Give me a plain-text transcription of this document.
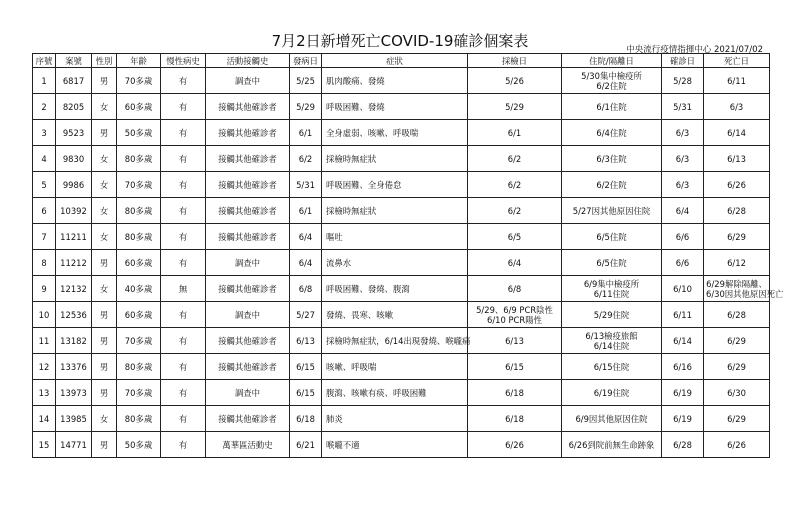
7月2日新增死亡COVID-19確診個案表	中央流行疫情指揮中心 2021/07/02
序號	案號	性別	年齡	慢性病史	活動接觸史	發病日	症狀	採檢日	住院/隔離日	確診日	死亡日
1	6817	男	70多歲	有	調查中	5/25	肌肉酸痛、發燒	5/26	5/30集中檢疫所
6/2住院	5/28	6/11

2	8205	女	60多歲	有	接觸其他確診者	5/29	呼吸困難、發燒	5/29	6/1住院	5/31	6/3

3	9523	男	50多歲	有	接觸其他確診者	6/1	全身虛弱、咳嗽、呼吸喘	6/1	6/4住院	6/3	6/14

4	9830	女	80多歲	有	接觸其他確診者	6/2	採檢時無症狀	6/2	6/3住院	6/3	6/13

5	9986	女	70多歲	有	接觸其他確診者	5/31	呼吸困難、全身倦怠	6/2	6/2住院	6/3	6/26

6	10392	女	80多歲	有	接觸其他確診者	6/1	採檢時無症狀	6/2	5/27因其他原因住院	6/4	6/28

7	11211	女	80多歲	有	接觸其他確診者	6/4	嘔吐	6/5	6/5住院	6/6	6/29

8	11212	男	60多歲	有	調查中	6/4	流鼻水	6/4	6/5住院	6/6	6/12

9	12132	女	40多歲	無	接觸其他確診者	6/8	呼吸困難、發燒、腹瀉	6/8	6/9集中檢疫所
6/11住院	6/10	6/29解除隔離、
6/30因其他原因死亡

10	12536	男	60多歲	有	調查中	5/27	發燒、畏寒、咳嗽	5/29、6/9 PCR陰性
6/10 PCR陽性	5/29住院	6/11	6/28

11	13182	男	70多歲	有	接觸其他確診者	6/13	採檢時無症狀，6/14出現發燒、喉嚨痛	6/13	6/13檢疫旅館
6/14住院	6/14	6/29

12	13376	男	80多歲	有	接觸其他確診者	6/15	咳嗽、呼吸喘	6/15	6/15住院	6/16	6/29

13	13973	男	70多歲	有	調查中	6/15	腹瀉、咳嗽有痰、呼吸困難	6/18	6/19住院	6/19	6/30

14	13985	女	80多歲	有	接觸其他確診者	6/18	肺炎	6/18	6/9因其他原因住院	6/19	6/29

15	14771	男	50多歲	有	萬華區活動史	6/21	喉嚨不適	6/26	6/26到院前無生命跡象	6/28	6/26
